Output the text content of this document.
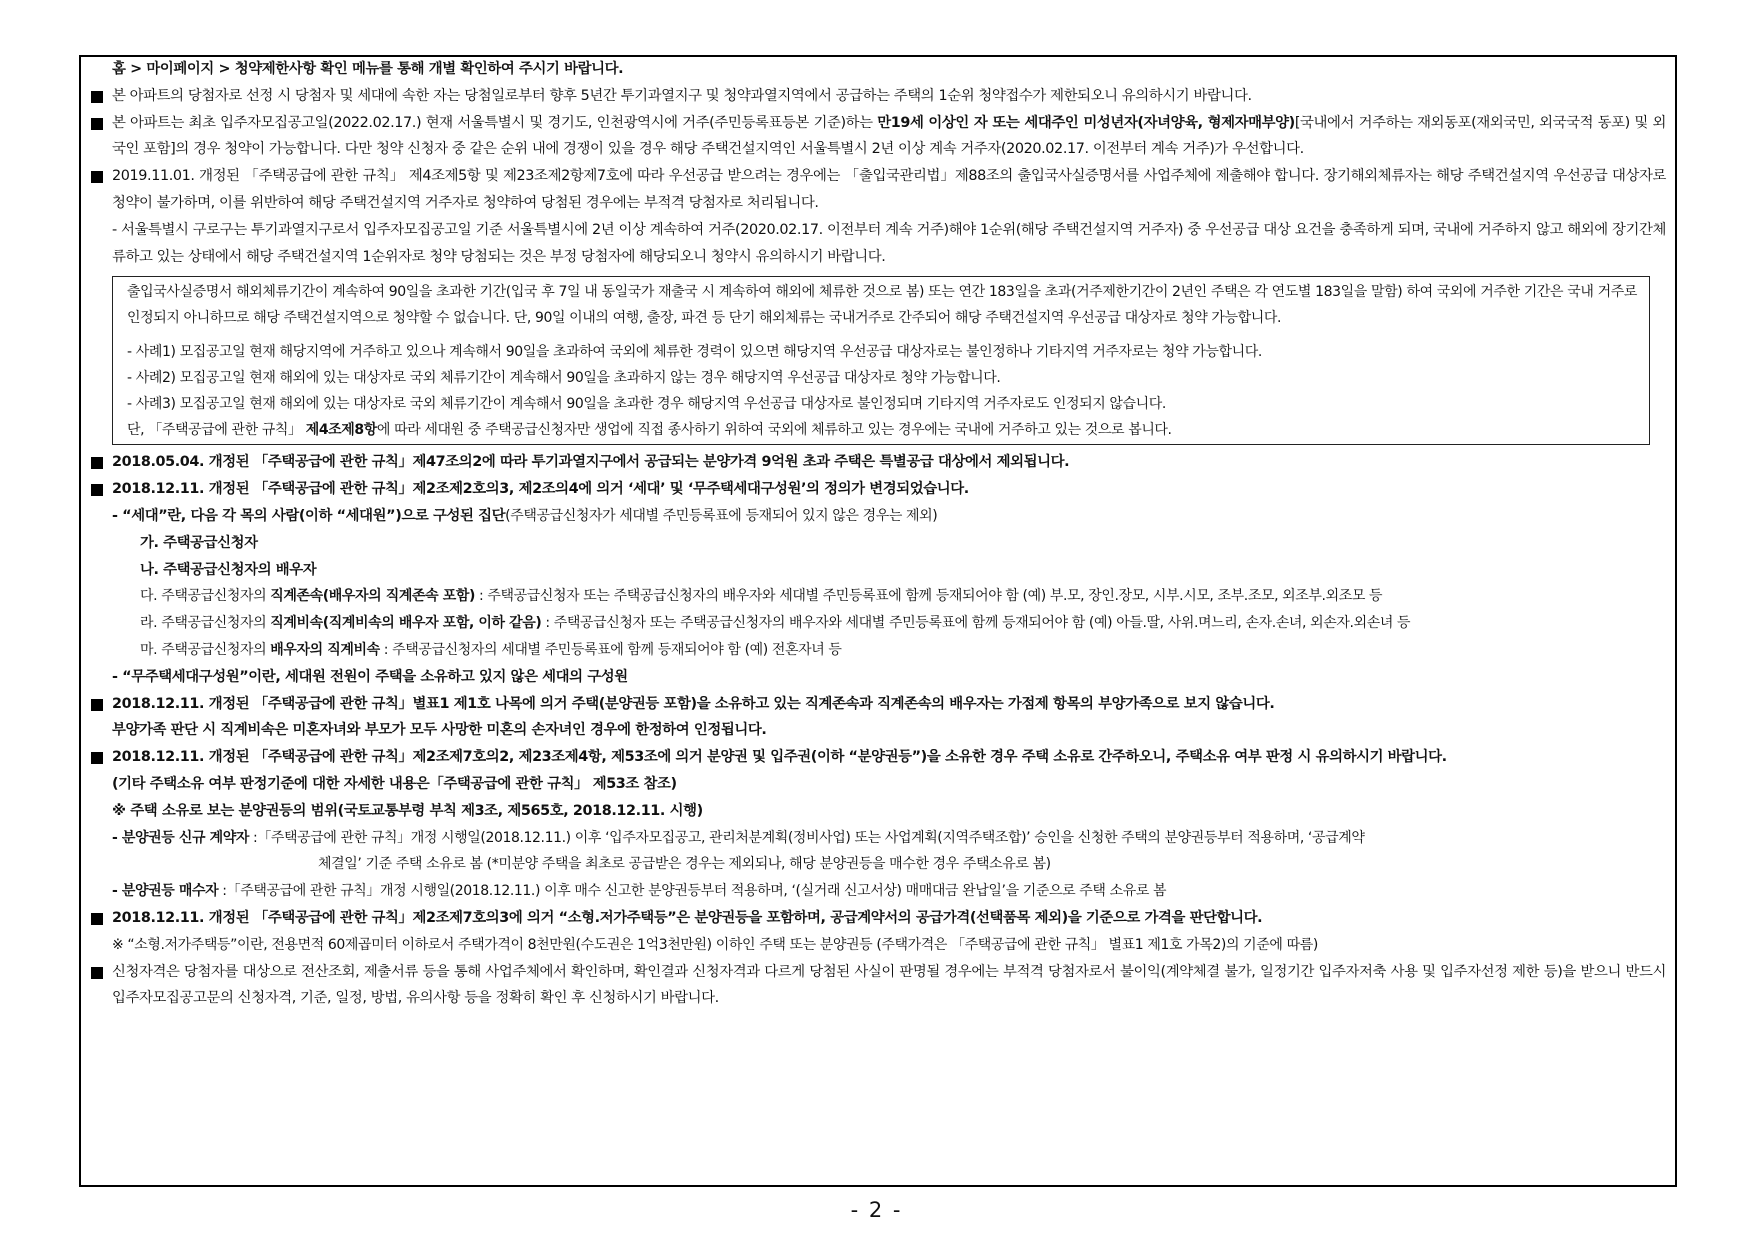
홈 > 마이페이지 > 청약제한사항 확인 메뉴를 통해 개별 확인하여 주시기 바랍니다.

본 아파트의 당첨자로 선정 시 당첨자 및 세대에 속한 자는 당첨일로부터 향후 5년간 투기과열지구 및 청약과열지역에서 공급하는 주택의 1순위 청약접수가 제한되오니 유의하시기 바랍니다.

본 아파트는 최초 입주자모집공고일(2022.02.17.) 현재 서울특별시 및 경기도, 인천광역시에 거주(주민등록표등본 기준)하는 만19세 이상인 자 또는 세대주인 미성년자(자녀양육, 형제자매부양)[국내에서 거주하는 재외동포(재외국민, 외국국적 동포) 및 외국인 포함]의 경우 청약이 가능합니다. 다만 청약 신청자 중 같은 순위 내에 경쟁이 있을 경우 해당 주택건설지역인 서울특별시 2년 이상 계속 거주자(2020.02.17. 이전부터 계속 거주)가 우선합니다.

2019.11.01. 개정된 「주택공급에 관한 규칙」 제4조제5항 및 제23조제2항제7호에 따라 우선공급 받으려는 경우에는 「출입국관리법」제88조의 출입국사실증명서를 사업주체에 제출해야 합니다. 장기해외체류자는 해당 주택건설지역 우선공급 대상자로 청약이 불가하며, 이를 위반하여 해당 주택건설지역 거주자로 청약하여 당첨된 경우에는 부적격 당첨자로 처리됩니다.

- 서울특별시 구로구는 투기과열지구로서 입주자모집공고일 기준 서울특별시에 2년 이상 계속하여 거주(2020.02.17. 이전부터 계속 거주)해야 1순위(해당 주택건설지역 거주자) 중 우선공급 대상 요건을 충족하게 되며, 국내에 거주하지 않고 해외에 장기간체류하고 있는 상태에서 해당 주택건설지역 1순위자로 청약 당첨되는 것은 부정 당첨자에 해당되오니 청약시 유의하시기 바랍니다.

출입국사실증명서 해외체류기간이 계속하여 90일을 초과한 기간(입국 후 7일 내 동일국가 재출국 시 계속하여 해외에 체류한 것으로 봄) 또는 연간 183일을 초과(거주제한기간이 2년인 주택은 각 연도별 183일을 말함) 하여 국외에 거주한 기간은 국내 거주로 인정되지 아니하므로 해당 주택건설지역으로 청약할 수 없습니다. 단, 90일 이내의 여행, 출장, 파견 등 단기 해외체류는 국내거주로 간주되어 해당 주택건설지역 우선공급 대상자로 청약 가능합니다.

- 사례1) 모집공고일 현재 해당지역에 거주하고 있으나 계속해서 90일을 초과하여 국외에 체류한 경력이 있으면 해당지역 우선공급 대상자로는 불인정하나 기타지역 거주자로는 청약 가능합니다.

- 사례2) 모집공고일 현재 해외에 있는 대상자로 국외 체류기간이 계속해서 90일을 초과하지 않는 경우 해당지역 우선공급 대상자로 청약 가능합니다.

- 사례3) 모집공고일 현재 해외에 있는 대상자로 국외 체류기간이 계속해서 90일을 초과한 경우 해당지역 우선공급 대상자로 불인정되며 기타지역 거주자로도 인정되지 않습니다.

단, 「주택공급에 관한 규칙」 제4조제8항에 따라 세대원 중 주택공급신청자만 생업에 직접 종사하기 위하여 국외에 체류하고 있는 경우에는 국내에 거주하고 있는 것으로 봅니다.

2018.05.04. 개정된 「주택공급에 관한 규칙」제47조의2에 따라 투기과열지구에서 공급되는 분양가격 9억원 초과 주택은 특별공급 대상에서 제외됩니다.

2018.12.11. 개정된 「주택공급에 관한 규칙」제2조제2호의3, 제2조의4에 의거 ‘세대’ 및 ‘무주택세대구성원’의 정의가 변경되었습니다.

- “세대”란, 다음 각 목의 사람(이하 “세대원”)으로 구성된 집단(주택공급신청자가 세대별 주민등록표에 등재되어 있지 않은 경우는 제외)

가. 주택공급신청자

나. 주택공급신청자의 배우자

다. 주택공급신청자의 직계존속(배우자의 직계존속 포함) : 주택공급신청자 또는 주택공급신청자의 배우자와 세대별 주민등록표에 함께 등재되어야 함 (예) 부.모, 장인.장모, 시부.시모, 조부.조모, 외조부.외조모 등

라. 주택공급신청자의 직계비속(직계비속의 배우자 포함, 이하 같음) : 주택공급신청자 또는 주택공급신청자의 배우자와 세대별 주민등록표에 함께 등재되어야 함 (예) 아들.딸, 사위.며느리, 손자.손녀, 외손자.외손녀 등

마. 주택공급신청자의 배우자의 직계비속 : 주택공급신청자의 세대별 주민등록표에 함께 등재되어야 함 (예) 전혼자녀 등

- “무주택세대구성원”이란, 세대원 전원이 주택을 소유하고 있지 않은 세대의 구성원

2018.12.11. 개정된 「주택공급에 관한 규칙」별표1 제1호 나목에 의거 주택(분양권등 포함)을 소유하고 있는 직계존속과 직계존속의 배우자는 가점제 항목의 부양가족으로 보지 않습니다.

부양가족 판단 시 직계비속은 미혼자녀와 부모가 모두 사망한 미혼의 손자녀인 경우에 한정하여 인정됩니다.

2018.12.11. 개정된 「주택공급에 관한 규칙」제2조제7호의2, 제23조제4항, 제53조에 의거 분양권 및 입주권(이하 “분양권등”)을 소유한 경우 주택 소유로 간주하오니, 주택소유 여부 판정 시 유의하시기 바랍니다.

(기타 주택소유 여부 판정기준에 대한 자세한 내용은「주택공급에 관한 규칙」 제53조 참조)

※ 주택 소유로 보는 분양권등의 범위(국토교통부령 부칙 제3조, 제565호, 2018.12.11. 시행)

- 분양권등 신규 계약자 :「주택공급에 관한 규칙」개정 시행일(2018.12.11.) 이후 ‘입주자모집공고, 관리처분계획(정비사업) 또는 사업계획(지역주택조합)’ 승인을 신청한 주택의 분양권등부터 적용하며, ‘공급계약

체결일’ 기준 주택 소유로 봄 (*미분양 주택을 최초로 공급받은 경우는 제외되나, 해당 분양권등을 매수한 경우 주택소유로 봄)

- 분양권등 매수자 :「주택공급에 관한 규칙」개정 시행일(2018.12.11.) 이후 매수 신고한 분양권등부터 적용하며, ‘(실거래 신고서상) 매매대금 완납일’을 기준으로 주택 소유로 봄

2018.12.11. 개정된 「주택공급에 관한 규칙」제2조제7호의3에 의거 “소형.저가주택등”은 분양권등을 포함하며, 공급계약서의 공급가격(선택품목 제외)을 기준으로 가격을 판단합니다.

※ “소형.저가주택등”이란, 전용면적 60제곱미터 이하로서 주택가격이 8천만원(수도권은 1억3천만원) 이하인 주택 또는 분양권등 (주택가격은 「주택공급에 관한 규칙」 별표1 제1호 가목2)의 기준에 따름)

신청자격은 당첨자를 대상으로 전산조회, 제출서류 등을 통해 사업주체에서 확인하며, 확인결과 신청자격과 다르게 당첨된 사실이 판명될 경우에는 부적격 당첨자로서 불이익(계약체결 불가, 일정기간 입주자저축 사용 및 입주자선정 제한 등)을 받으니 반드시 입주자모집공고문의 신청자격, 기준, 일정, 방법, 유의사항 등을 정확히 확인 후 신청하시기 바랍니다.

- 2 -
